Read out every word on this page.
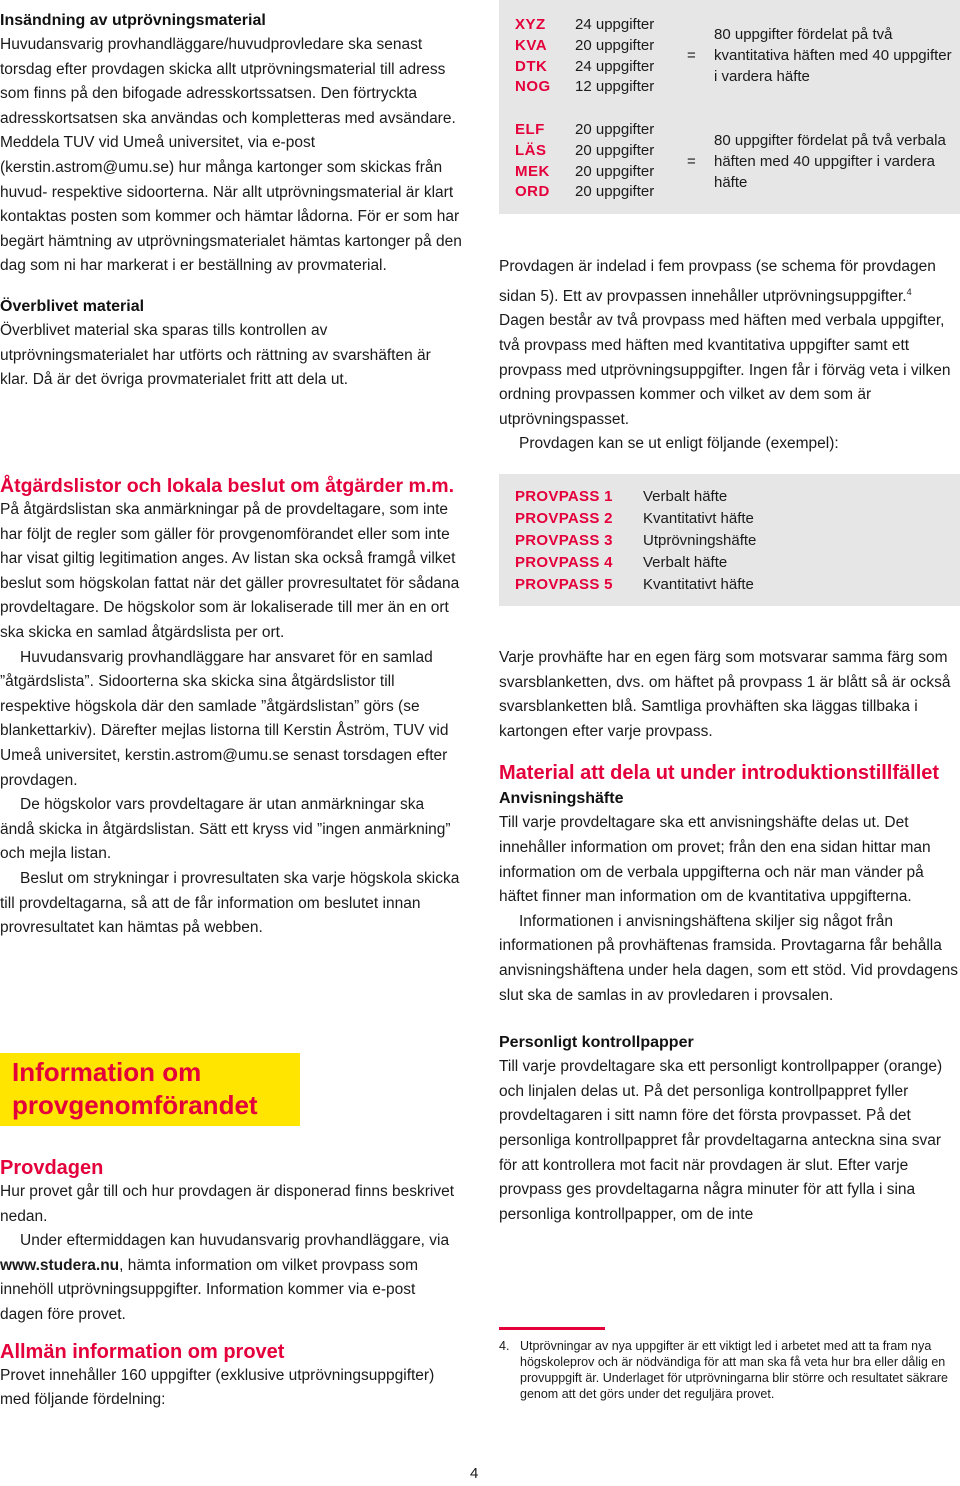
Insändning av utprövningsmaterial

Huvudansvarig provhandläggare/huvudprovledare ska senast torsdag efter provdagen skicka allt utprövningsmaterial till adress som finns på den bifogade adresskortssatsen. Den förtryckta adresskortsatsen ska användas och kompletteras med avsändare. Meddela TUV vid Umeå universitet, via e-post (kerstin.astrom@umu.se) hur många kartonger som skickas från huvud- respektive sidoorterna. När allt utprövningsmaterial är klart kontaktas posten som kommer och hämtar lådorna. För er som har begärt hämtning av utprövningsmaterialet hämtas kartonger på den dag som ni har markerat i er beställning av provmaterial.

Överblivet material

Överblivet material ska sparas tills kontrollen av utprövningsmaterialet har utförts och rättning av svarshäften är klar. Då är det övriga provmaterialet fritt att dela ut.

Åtgärdslistor och lokala beslut om åtgärder m.m.

På åtgärdslistan ska anmärkningar på de provdeltagare, som inte har följt de regler som gäller för provgenomförandet eller som inte har visat giltig legitimation anges. Av listan ska också framgå vilket beslut som högskolan fattat när det gäller provresultatet för sådana provdeltagare. De högskolor som är lokaliserade till mer än en ort ska skicka en samlad åtgärdslista per ort.

Huvudansvarig provhandläggare har ansvaret för en samlad ”åtgärdslista”. Sidoorterna ska skicka sina åtgärdslistor till respektive högskola där den samlade ”åtgärdslistan” görs (se blankettarkiv). Därefter mejlas listorna till Kerstin Åström, TUV vid Umeå universitet, kerstin.astrom@umu.se senast torsdagen efter provdagen.

De högskolor vars provdeltagare är utan anmärkningar ska ändå skicka in åtgärdslistan. Sätt ett kryss vid ”ingen anmärkning” och mejla listan.

Beslut om strykningar i provresultaten ska varje högskola skicka till provdeltagarna, så att de får information om beslutet innan provresultatet kan hämtas på webben.

Information om
provgenomförandet
Provdagen

Hur provet går till och hur provdagen är disponerad finns beskrivet nedan.

Under eftermiddagen kan huvudansvarig provhandläggare, via www.studera.nu, hämta information om vilket provpass som innehöll utprövningsuppgifter. Information kommer via e-post dagen före provet.

Allmän information om provet

Provet innehåller 160 uppgifter (exklusive utprövningsuppgifter) med följande fördelning:

XYZ
KVA
DTK
NOG
24 uppgifter
20 uppgifter
24 uppgifter
12 uppgifter
=
80 uppgifter fördelat på två kvantitativa häften med 40 uppgifter i vardera häfte
ELF
LÄS
MEK
ORD
20 uppgifter
20 uppgifter
20 uppgifter
20 uppgifter
=
80 uppgifter fördelat på två verbala häften med 40 uppgifter i vardera häfte

Provdagen är indelad i fem provpass (se schema för provdagen sidan 5). Ett av provpassen innehåller utprövningsuppgifter.$^4$ Dagen består av två provpass med häften med verbala uppgifter, två provpass med häften med kvantitativa uppgifter samt ett provpass med utprövningsuppgifter. Ingen får i förväg veta i vilken ordning provpassen kommer och vilket av dem som är utprövningspasset.

Provdagen kan se ut enligt följande (exempel):

PROVPASS 1 Verbalt häfte
PROVPASS 2 Kvantitativt häfte
PROVPASS 3 Utprövningshäfte
PROVPASS 4 Verbalt häfte
PROVPASS 5 Kvantitativt häfte

Varje provhäfte har en egen färg som motsvarar samma färg som svarsblanketten, dvs. om häftet på provpass 1 är blått så är också svarsblanketten blå. Samtliga provhäften ska läggas tillbaka i kartongen efter varje provpass.

Material att dela ut under introduktionstillfället
Anvisningshäfte

Till varje provdeltagare ska ett anvisningshäfte delas ut. Det innehåller information om provet; från den ena sidan hittar man information om de verbala uppgifterna och när man vänder på häftet finner man information om de kvantitativa uppgifterna.

Informationen i anvisningshäftena skiljer sig något från informationen på provhäftenas framsida. Provtagarna får behålla anvisningshäftena under hela dagen, som ett stöd. Vid provdagens slut ska de samlas in av provledaren i provsalen.

Personligt kontrollpapper

Till varje provdeltagare ska ett personligt kontrollpapper (orange) och linjalen delas ut. På det personliga kontrollpappret fyller provdeltagaren i sitt namn före det första provpasset. På det personliga kontrollpappret får provdeltagarna anteckna sina svar för att kontrollera mot facit när provdagen är slut. Efter varje provpass ges provdeltagarna några minuter för att fylla i sina personliga kontrollpapper, om de inte

4. Utprövningar av nya uppgifter är ett viktigt led i arbetet med att ta fram nya högskoleprov och är nödvändiga för att man ska få veta hur bra eller dålig en provuppgift är. Underlaget för utprövningarna blir större och resultatet säkrare genom att det görs under det reguljära provet.
4
